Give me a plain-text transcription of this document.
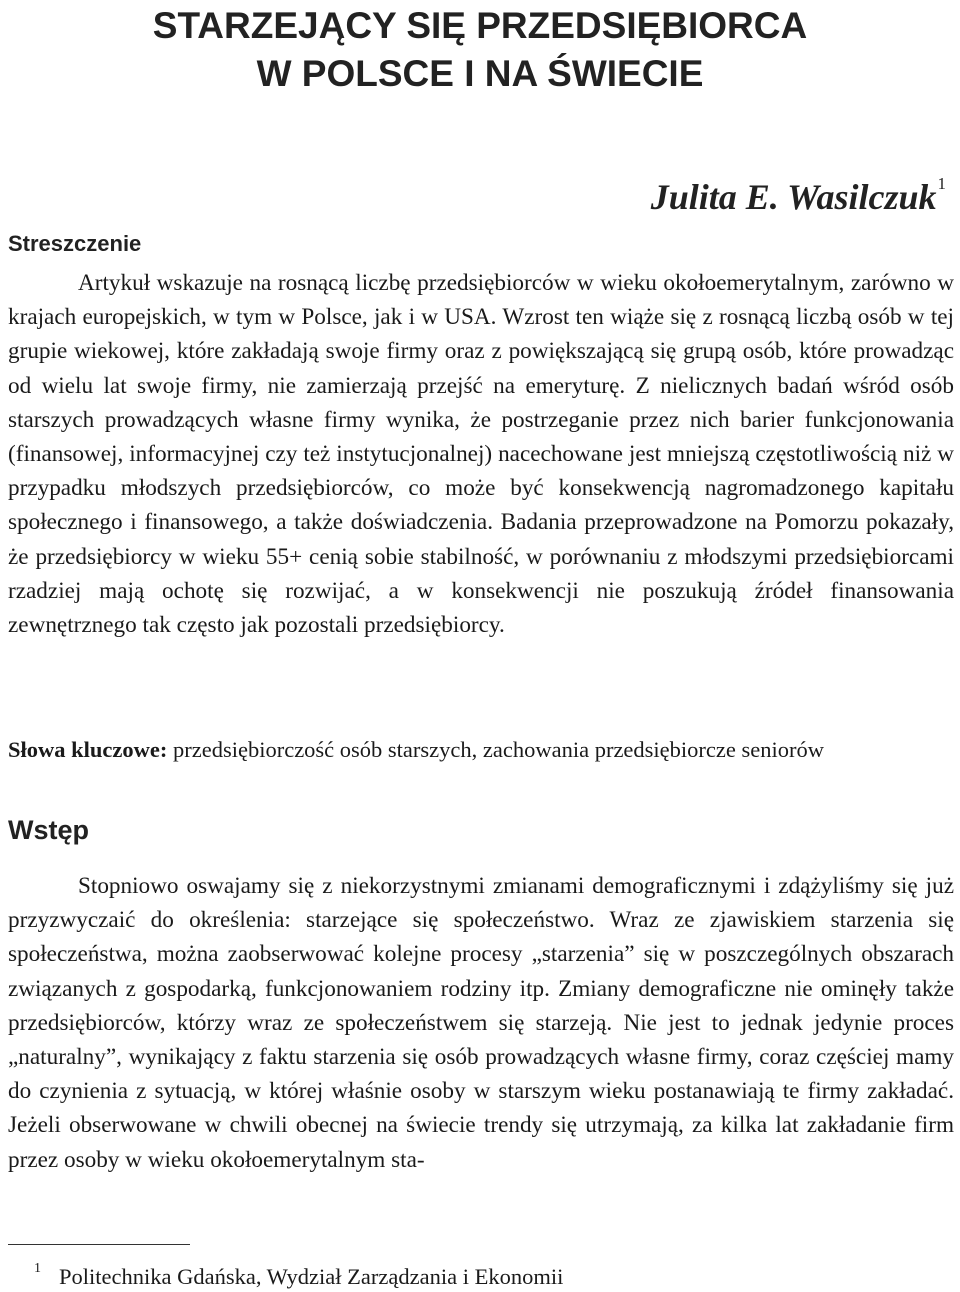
STARZEJĄCY SIĘ PRZEDSIĘBIORCA
W POLSCE I NA ŚWIECIE
Julita E. Wasilczuk$^1$
Streszczenie

Artykuł wskazuje na rosnącą liczbę przedsiębiorców w wieku okołoemerytalnym, zarówno w krajach europejskich, w tym w Polsce, jak i w USA. Wzrost ten wiąże się z rosnącą liczbą osób w tej grupie wiekowej, które zakładają swoje firmy oraz z powiększającą się grupą osób, które prowadząc od wielu lat swoje firmy, nie zamierzają przejść na emeryturę. Z nielicznych badań wśród osób starszych prowadzących własne firmy wynika, że postrzeganie przez nich barier funkcjonowania (finansowej, informacyjnej czy też instytucjonalnej) nacechowane jest mniejszą częstotliwością niż w przypadku młodszych przedsiębiorców, co może być konsekwencją nagromadzonego kapitału społecznego i finansowego, a także doświadczenia. Badania przeprowadzone na Pomorzu pokazały, że przedsiębiorcy w wieku 55+ cenią sobie stabilność, w porównaniu z młodszymi przedsiębiorcami rzadziej mają ochotę się rozwijać, a w konsekwencji nie poszukują źródeł finansowania zewnętrznego tak często jak pozostali przedsiębiorcy.

Słowa kluczowe: przedsiębiorczość osób starszych, zachowania przedsiębiorcze seniorów
Wstęp

Stopniowo oswajamy się z niekorzystnymi zmianami demograficznymi i zdążyliśmy się już przyzwyczaić do określenia: starzejące się społeczeństwo. Wraz ze zjawiskiem starzenia się społeczeństwa, można zaobserwować kolejne procesy „starzenia” się w poszczególnych obszarach związanych z gospodarką, funkcjonowaniem rodziny itp. Zmiany demograficzne nie ominęły także przedsiębiorców, którzy wraz ze społeczeństwem się starzeją. Nie jest to jednak jedynie proces „naturalny”, wynikający z faktu starzenia się osób prowadzących własne firmy, coraz częściej mamy do czynienia z sytuacją, w której właśnie osoby w starszym wieku postanawiają te firmy zakładać. Jeżeli obserwowane w chwili obecnej na świecie trendy się utrzymają, za kilka lat zakładanie firm przez osoby w wieku okołoemerytalnym sta-

$^1$ Politechnika Gdańska, Wydział Zarządzania i Ekonomii
